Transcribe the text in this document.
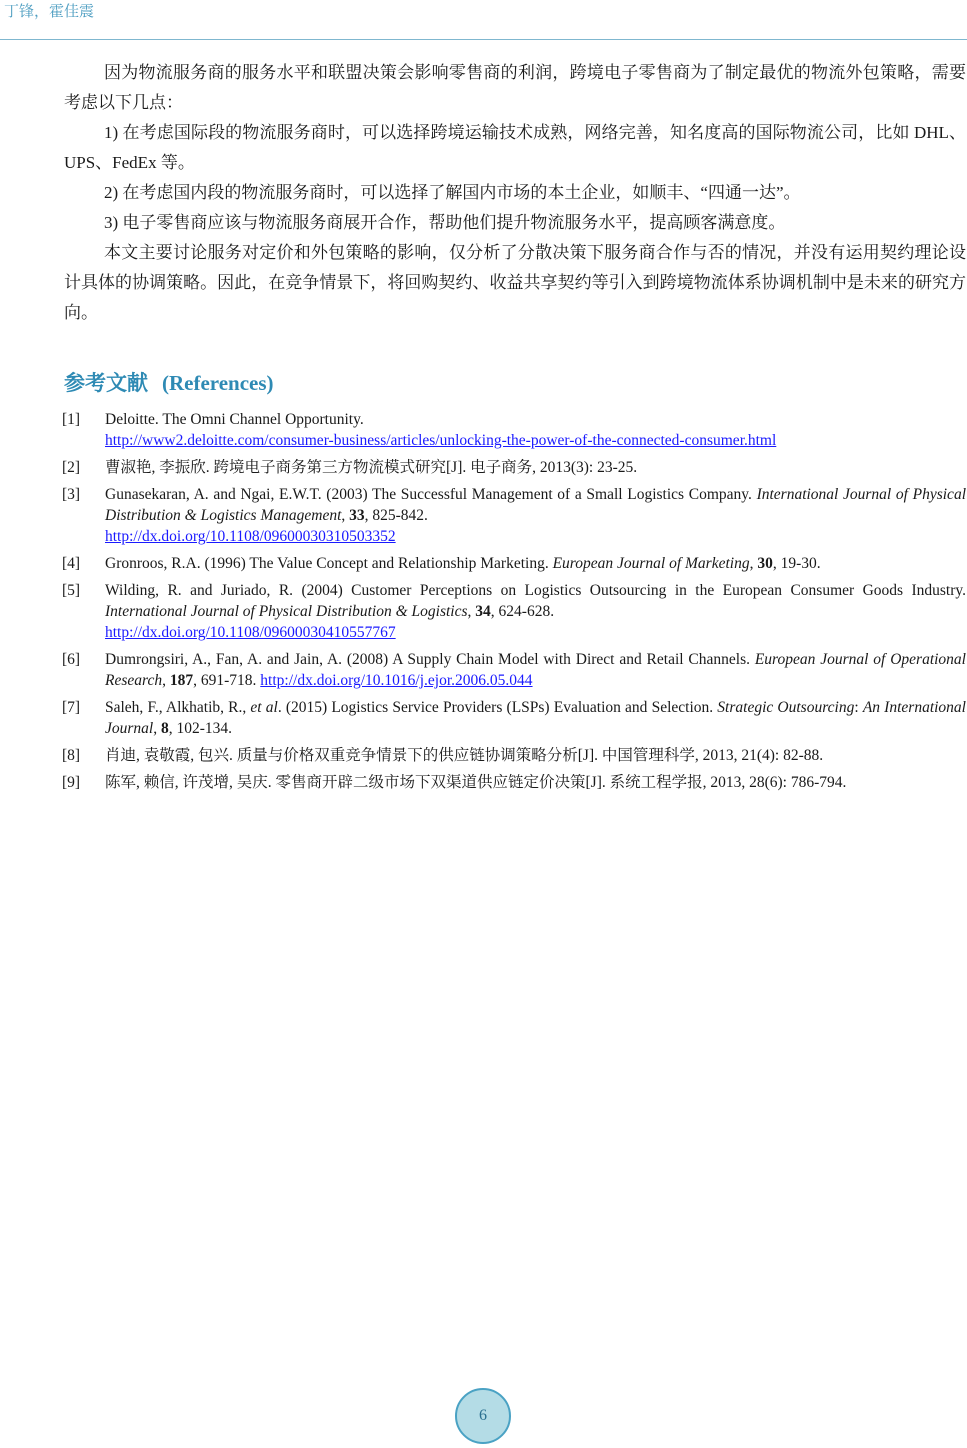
丁锋，霍佳震

因为物流服务商的服务水平和联盟决策会影响零售商的利润，跨境电子零售商为了制定最优的物流外包策略，需要考虑以下几点：

1) 在考虑国际段的物流服务商时，可以选择跨境运输技术成熟，网络完善，知名度高的国际物流公司，比如 DHL、UPS、FedEx 等。

2) 在考虑国内段的物流服务商时，可以选择了解国内市场的本土企业，如顺丰、“四通一达”。

3) 电子零售商应该与物流服务商展开合作，帮助他们提升物流服务水平，提高顾客满意度。

本文主要讨论服务对定价和外包策略的影响，仅分析了分散决策下服务商合作与否的情况，并没有运用契约理论设计具体的协调策略。因此，在竞争情景下，将回购契约、收益共享契约等引入到跨境物流体系协调机制中是未来的研究方向。

参考文献 (References)
[1] Deloitte. The Omni Channel Opportunity.
http://www2.deloitte.com/consumer-business/articles/unlocking-the-power-of-the-connected-consumer.html
[2] 曹淑艳, 李振欣. 跨境电子商务第三方物流模式研究[J]. 电子商务, 2013(3): 23-25.
[3] Gunasekaran, A. and Ngai, E.W.T. (2003) The Successful Management of a Small Logistics Company. International Journal of Physical Distribution & Logistics Management, 33, 825-842.
http://dx.doi.org/10.1108/09600030310503352
[4] Gronroos, R.A. (1996) The Value Concept and Relationship Marketing. European Journal of Marketing, 30, 19-30.
[5] Wilding, R. and Juriado, R. (2004) Customer Perceptions on Logistics Outsourcing in the European Consumer Goods Industry. International Journal of Physical Distribution & Logistics, 34, 624-628.
http://dx.doi.org/10.1108/09600030410557767
[6] Dumrongsiri, A., Fan, A. and Jain, A. (2008) A Supply Chain Model with Direct and Retail Channels. European Journal of Operational Research, 187, 691-718. http://dx.doi.org/10.1016/j.ejor.2006.05.044
[7] Saleh, F., Alkhatib, R., et al. (2015) Logistics Service Providers (LSPs) Evaluation and Selection. Strategic Outsourcing: An International Journal, 8, 102-134.
[8] 肖迪, 袁敬霞, 包兴. 质量与价格双重竞争情景下的供应链协调策略分析[J]. 中国管理科学, 2013, 21(4): 82-88.
[9] 陈军, 赖信, 许茂增, 吴庆. 零售商开辟二级市场下双渠道供应链定价决策[J]. 系统工程学报, 2013, 28(6): 786-794.
6
